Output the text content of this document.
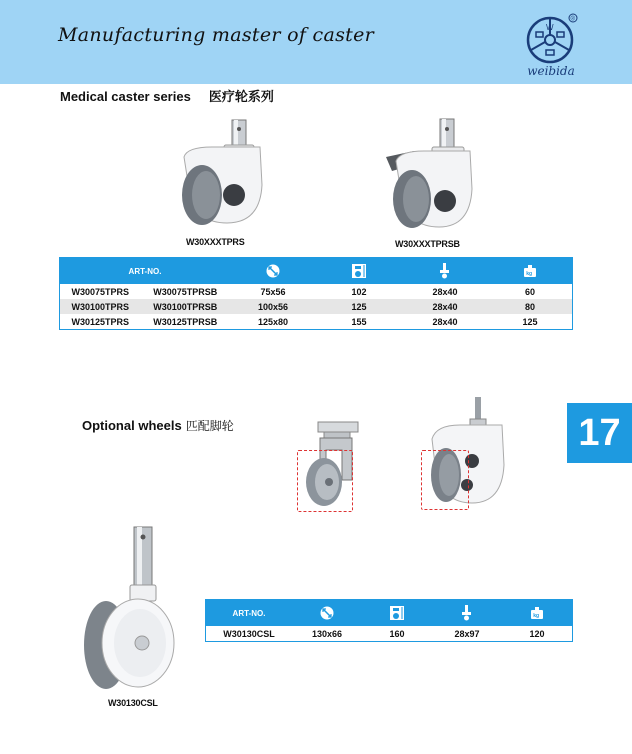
Manufacturing master of caster	W
®
weibida
Medical caster series 医疗轮系列
W30XXXTPRS	W30XXXTPRSB
ART-NO.					kg

W30075TPRS	W30075TPRSB	75x56	102	28x40	60
W30100TPRS	W30100TPRSB	100x56	125	28x40	80
W30125TPRS	W30125TPRSB	125x80	155	28x40	125
Optional wheels 匹配脚轮	17
W30130CSL
ART-NO.				kg

W30130CSL	130x66	160	28x97	120
